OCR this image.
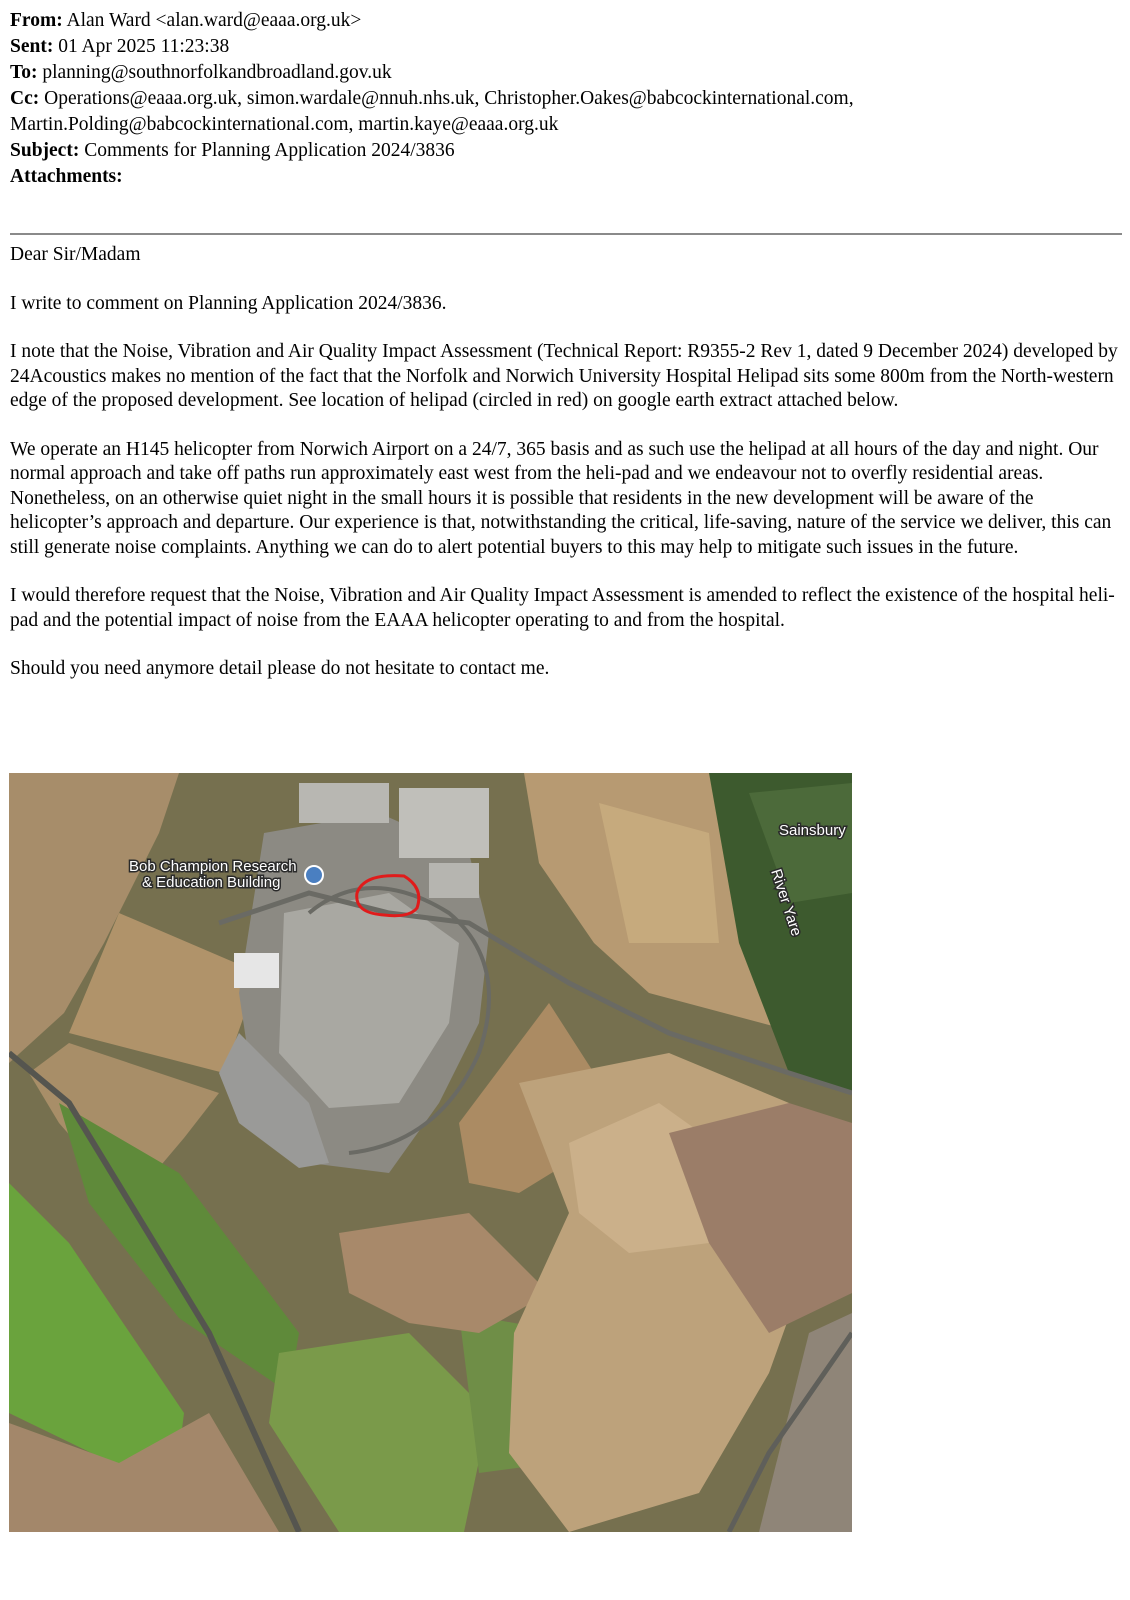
From: Alan Ward <alan.ward@eaaa.org.uk>
Sent: 01 Apr 2025 11:23:38
To: planning@southnorfolkandbroadland.gov.uk
Cc: Operations@eaaa.org.uk, simon.wardale@nnuh.nhs.uk, Christopher.Oakes@babcockinternational.com,
Martin.Polding@babcockinternational.com, martin.kaye@eaaa.org.uk
Subject: Comments for Planning Application 2024/3836
Attachments:

Dear Sir/Madam

I write to comment on Planning Application 2024/3836.

I note that the Noise, Vibration and Air Quality Impact Assessment (Technical Report: R9355-2 Rev 1, dated 9 December 2024) developed by 24Acoustics makes no mention of the fact that the Norfolk and Norwich University Hospital Helipad sits some 800m from the North-western edge of the proposed development. See location of helipad (circled in red) on google earth extract attached below.

We operate an H145 helicopter from Norwich Airport on a 24/7, 365 basis and as such use the helipad at all hours of the day and night. Our normal approach and take off paths run approximately east west from the heli-pad and we endeavour not to overfly residential areas. Nonetheless, on an otherwise quiet night in the small hours it is possible that residents in the new development will be aware of the helicopter’s approach and departure. Our experience is that, notwithstanding the critical, life-saving, nature of the service we deliver, this can still generate noise complaints. Anything we can do to alert potential buyers to this may help to mitigate such issues in the future.

I would therefore request that the Noise, Vibration and Air Quality Impact Assessment is amended to reflect the existence of the hospital heli-pad and the potential impact of noise from the EAAA helicopter operating to and from the hospital.

Should you need anymore detail please do not hesitate to contact me.

Bob Champion Research
& Education Building
Sainsbury
River Yare
